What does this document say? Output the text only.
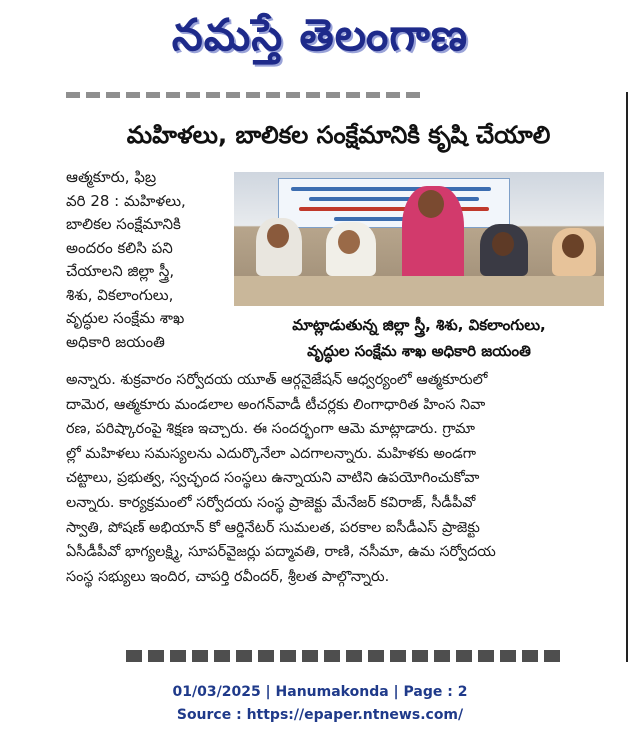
నమస్తే తెలంగాణ
మహిళలు, బాలికల సంక్షేమానికి కృషి చేయాలి

ఆత్మకూరు, ఫిబ్ర

వరి 28 : మహిళలు,

బాలికల సంక్షేమానికి

అందరం కలిసి పని

చేయాలని జిల్లా స్త్రీ,

శిశు, వికలాంగులు,

వృద్ధుల సంక్షేమ శాఖ

అధికారి జయంతి

మాట్లాడుతున్న జిల్లా స్త్రీ, శిశు, వికలాంగులు,
వృద్ధుల సంక్షేమ శాఖ అధికారి జయంతి

అన్నారు. శుక్రవారం సర్వోదయ యూత్ ఆర్గనైజేషన్ ఆధ్వర్యంలో ఆత్మకూరులో

దామెర, ఆత్మకూరు మండలాల అంగన్‌వాడీ టీచర్లకు లింగాధారిత హింస నివా

రణ, పరిష్కారంపై శిక్షణ ఇచ్చారు. ఈ సందర్భంగా ఆమె మాట్లాడారు. గ్రామా

ల్లో మహిళలు సమస్యలను ఎదుర్కొనేలా ఎదగాలన్నారు. మహిళకు అండగా

చట్టాలు, ప్రభుత్వ, స్వచ్ఛంద సంస్థలు ఉన్నాయని వాటిని ఉపయోగించుకోవా

లన్నారు. కార్యక్రమంలో సర్వోదయ సంస్థ ప్రాజెక్టు మేనేజర్ కవిరాజ్, సీడీపీవో

స్వాతి, పోషణ్ అభియాన్ కో ఆర్డినేటర్ సుమలత, పరకాల ఐసీడీఎస్ ప్రాజెక్టు

ఏసీడీపీవో భాగ్యలక్ష్మి, సూపర్‌వైజర్లు పద్మావతి, రాణి, నసీమా, ఉమ సర్వోదయ

సంస్థ సభ్యులు ఇందిర, చాపర్తి రవీందర్, శ్రీలత పాల్గొన్నారు.

01/03/2025 | Hanumakonda | Page : 2
Source : https://epaper.ntnews.com/
